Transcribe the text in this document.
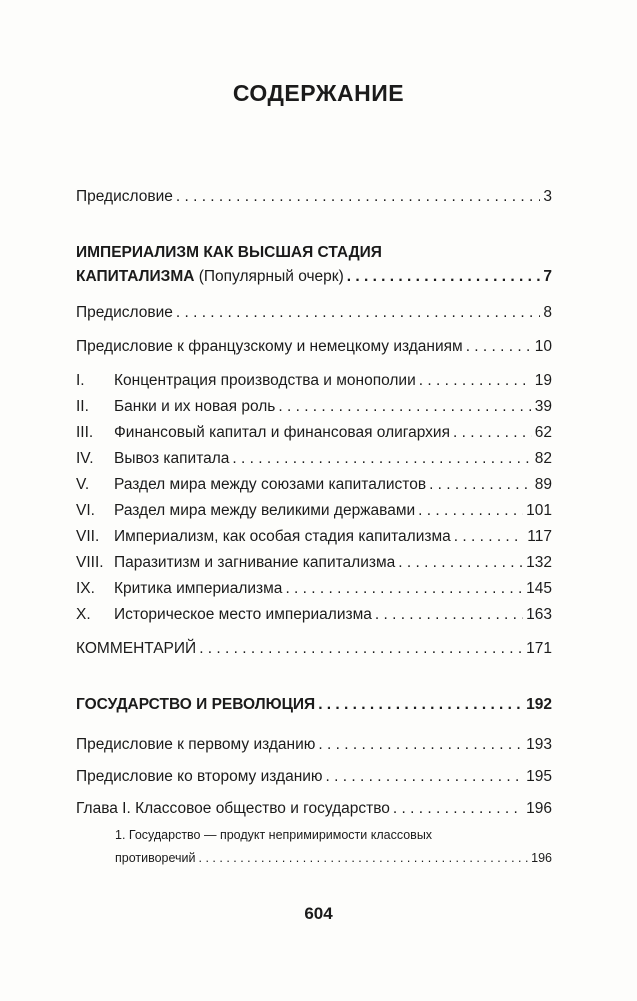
СОДЕРЖАНИЕ
Предисловие . . .	3
ИМПЕРИАЛИЗМ КАК ВЫСШАЯ СТАДИЯ
КАПИТАЛИЗМА (Популярный очерк) . . .	7
Предисловие . . .	8
Предисловие к французскому и немецкому изданиям . . .	10
I.	Концентрация производства и монополии . . .	19
II.	Банки и их новая роль . . .	39
III.	Финансовый капитал и финансовая олигархия . . .	62
IV.	Вывоз капитала . . .	82
V.	Раздел мира между союзами капиталистов . . .	89
VI.	Раздел мира между великими державами . . .	101
VII. Империализм, как особая стадия капитализма . . .	117
VIII. Паразитизм и загнивание капитализма . . .	132
IX.	Критика империализма . . .	145
X.	Историческое место империализма . . .	163
КОММЕНТАРИЙ . . .	171
ГОСУДАРСТВО И РЕВОЛЮЦИЯ . . .	192
Предисловие к первому изданию . . .	193
Предисловие ко второму изданию . . .	195
Глава I. Классовое общество и государство . . .	196
1. Государство — продукт непримиримости классовых
противоречий . . .	196
604
